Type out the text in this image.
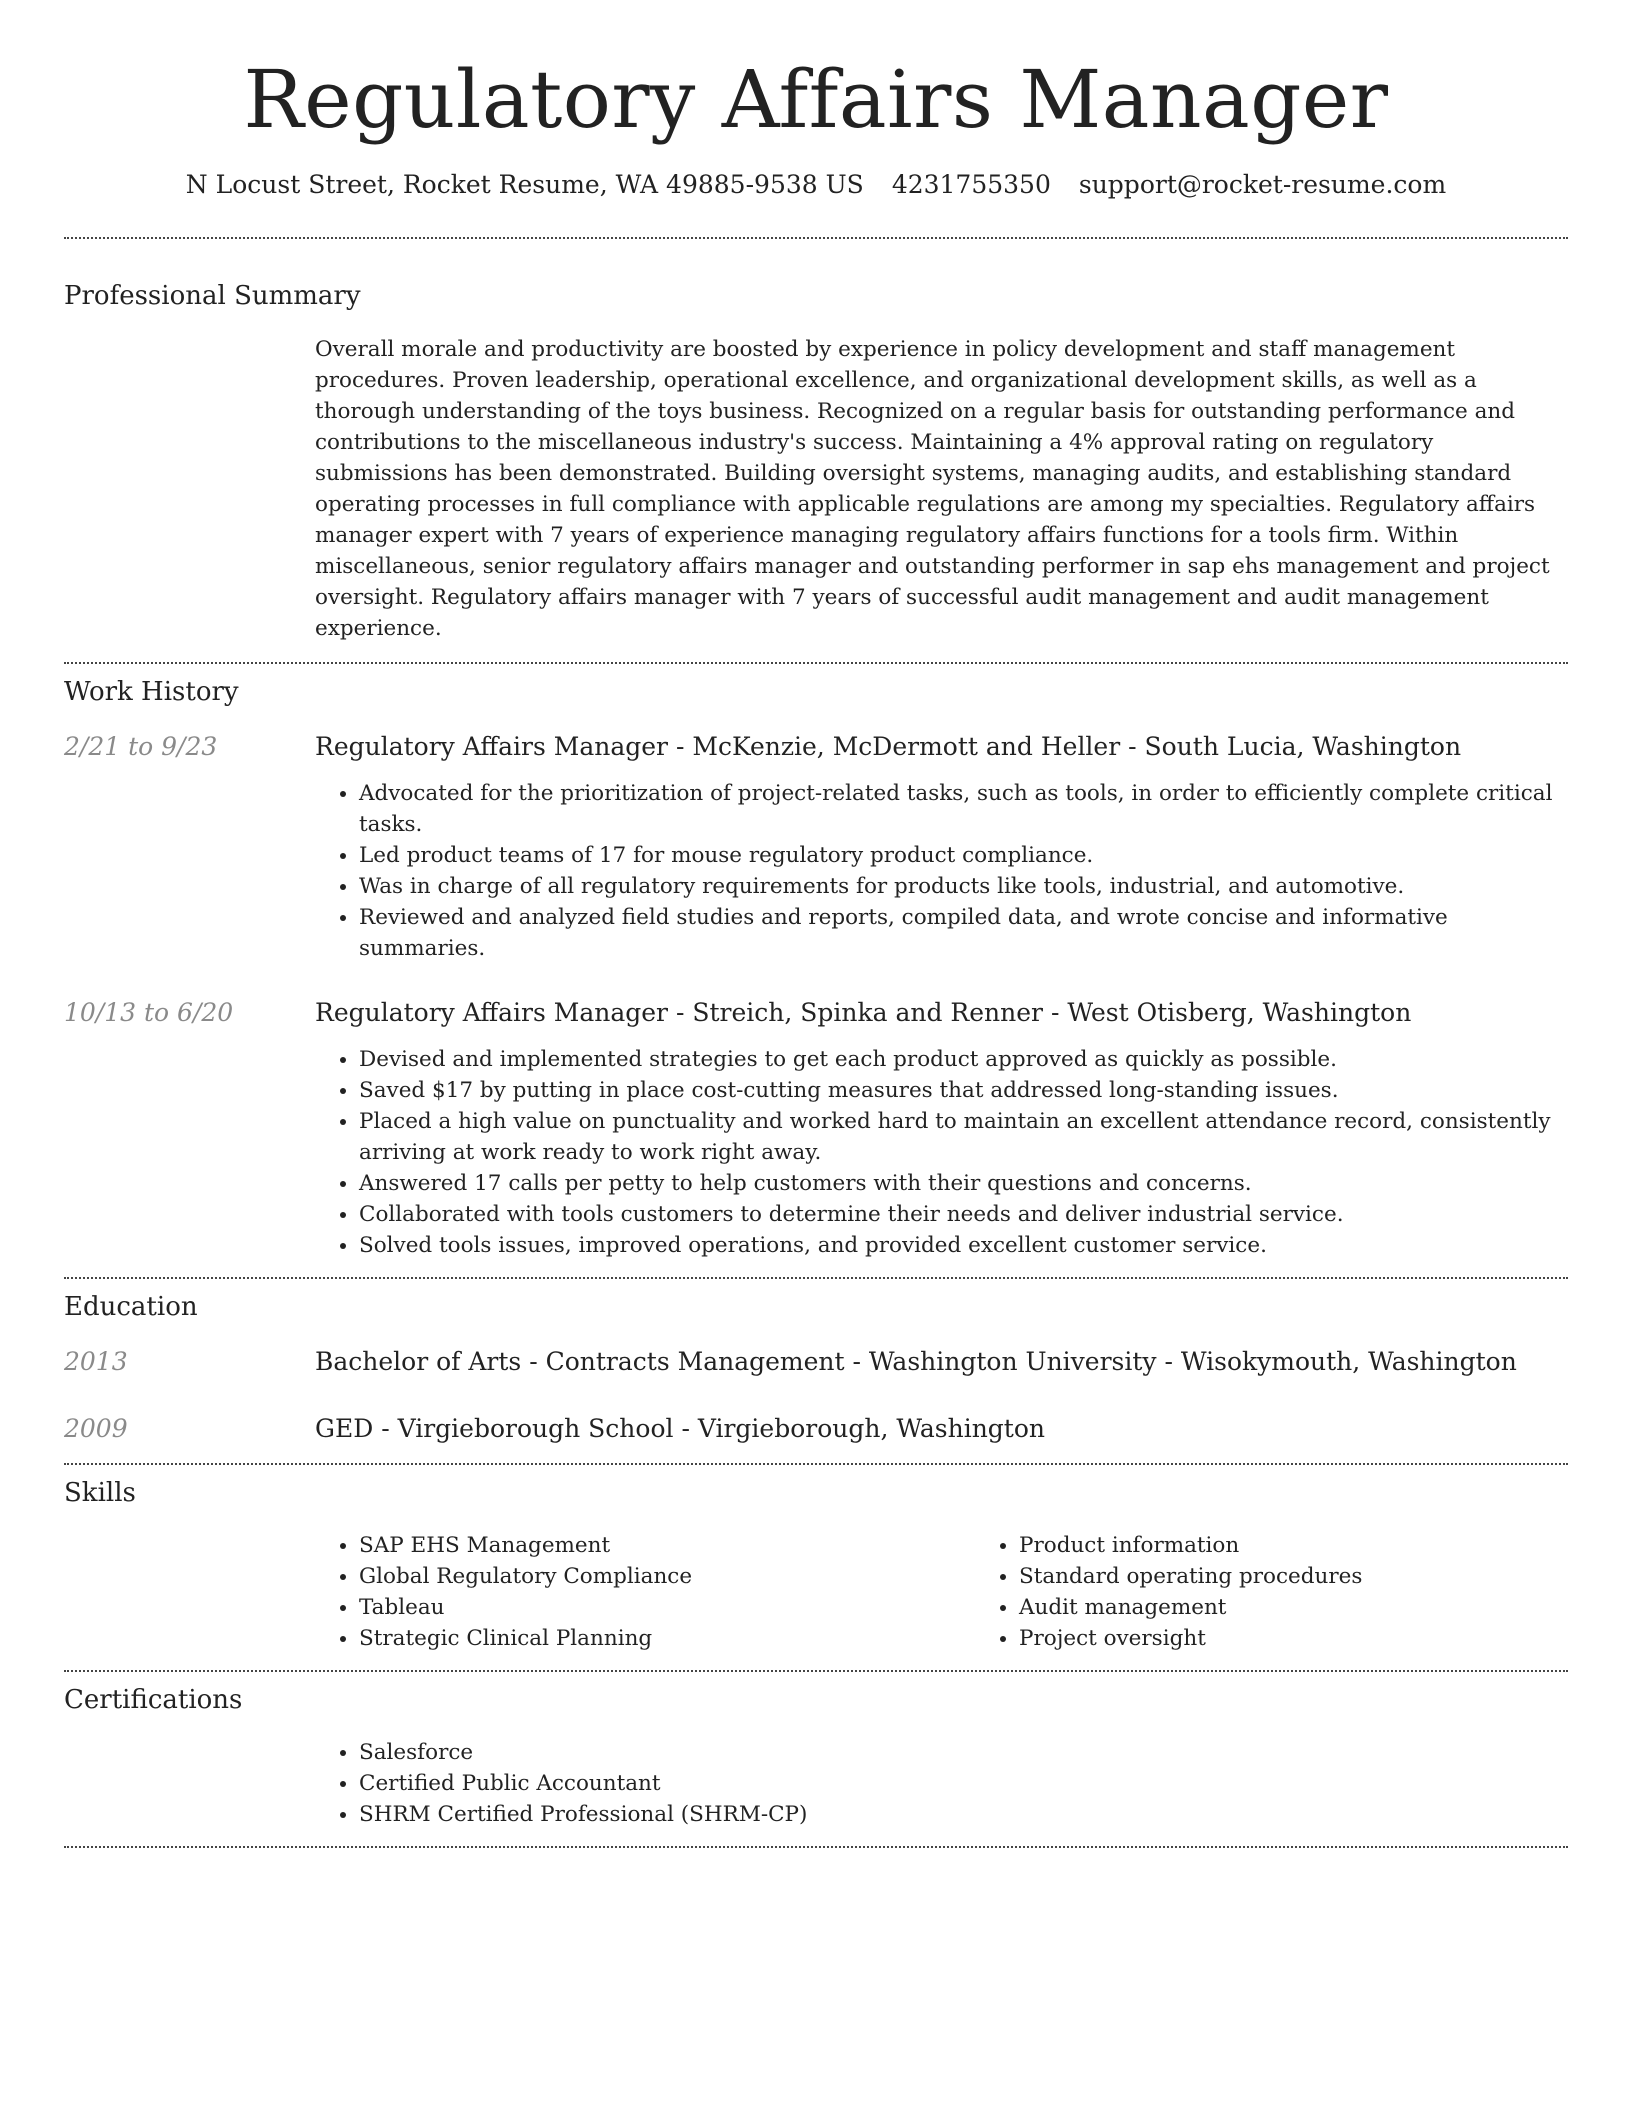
Regulatory Affairs Manager
N Locust Street, Rocket Resume, WA 49885-9538 US 4231755350 support@rocket-resume.com
Professional Summary

Overall morale and productivity are boosted by experience in policy development and staff management procedures. Proven leadership, operational excellence, and organizational development skills, as well as a thorough understanding of the toys business. Recognized on a regular basis for outstanding performance and contributions to the miscellaneous industry's success. Maintaining a 4% approval rating on regulatory submissions has been demonstrated. Building oversight systems, managing audits, and establishing standard operating processes in full compliance with applicable regulations are among my specialties. Regulatory affairs manager expert with 7 years of experience managing regulatory affairs functions for a tools firm. Within miscellaneous, senior regulatory affairs manager and outstanding performer in sap ehs management and project oversight. Regulatory affairs manager with 7 years of successful audit management and audit management experience.

Work History
2/21 to 9/23	Regulatory Affairs Manager - McKenzie, McDermott and Heller - South Lucia, Washington
• Advocated for the prioritization of project-related tasks, such as tools, in order to efficiently complete critical tasks.
• Led product teams of 17 for mouse regulatory product compliance.
• Was in charge of all regulatory requirements for products like tools, industrial, and automotive.
• Reviewed and analyzed field studies and reports, compiled data, and wrote concise and informative summaries.
10/13 to 6/20	Regulatory Affairs Manager - Streich, Spinka and Renner - West Otisberg, Washington
• Devised and implemented strategies to get each product approved as quickly as possible.
• Saved $17 by putting in place cost-cutting measures that addressed long-standing issues.
• Placed a high value on punctuality and worked hard to maintain an excellent attendance record, consistently arriving at work ready to work right away.
• Answered 17 calls per petty to help customers with their questions and concerns.
• Collaborated with tools customers to determine their needs and deliver industrial service.
• Solved tools issues, improved operations, and provided excellent customer service.
Education
2013	Bachelor of Arts - Contracts Management - Washington University - Wisokymouth, Washington
2009	GED - Virgieborough School - Virgieborough, Washington
Skills
• SAP EHS Management
• Global Regulatory Compliance
• Tableau
• Strategic Clinical Planning
• Product information
• Standard operating procedures
• Audit management
• Project oversight
Certifications
• Salesforce
• Certified Public Accountant
• SHRM Certified Professional (SHRM-CP)
